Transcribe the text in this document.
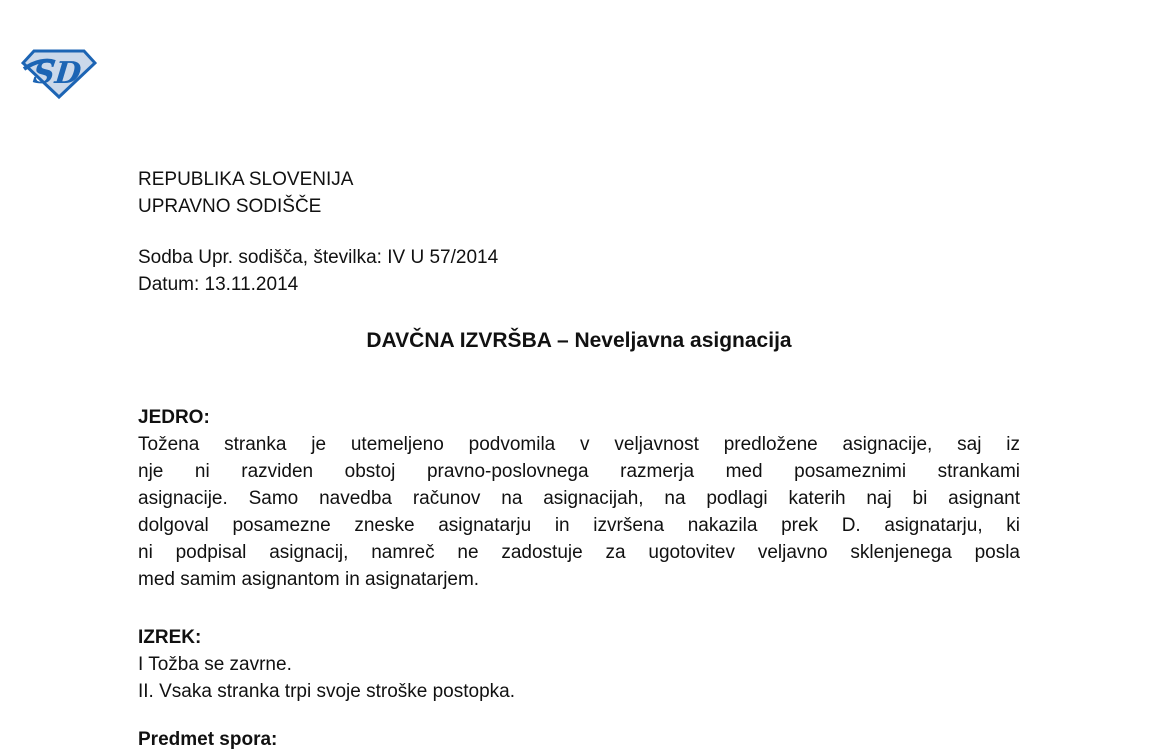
SD
REPUBLIKA SLOVENIJA
UPRAVNO SODIŠČE
Sodba Upr. sodišča, številka: IV U 57/2014
Datum: 13.11.2014
DAVČNA IZVRŠBA – Neveljavna asignacija
JEDRO:
Tožena stranka je utemeljeno podvomila v veljavnost predložene asignacije, saj iz
nje ni razviden obstoj pravno-poslovnega razmerja med posameznimi strankami
asignacije. Samo navedba računov na asignacijah, na podlagi katerih naj bi asignant
dolgoval posamezne zneske asignatarju in izvršena nakazila prek D. asignatarju, ki
ni podpisal asignacij, namreč ne zadostuje za ugotovitev veljavno sklenjenega posla
med samim asignantom in asignatarjem.
IZREK:
I Tožba se zavrne.
II. Vsaka stranka trpi svoje stroške postopka.
Predmet spora:
